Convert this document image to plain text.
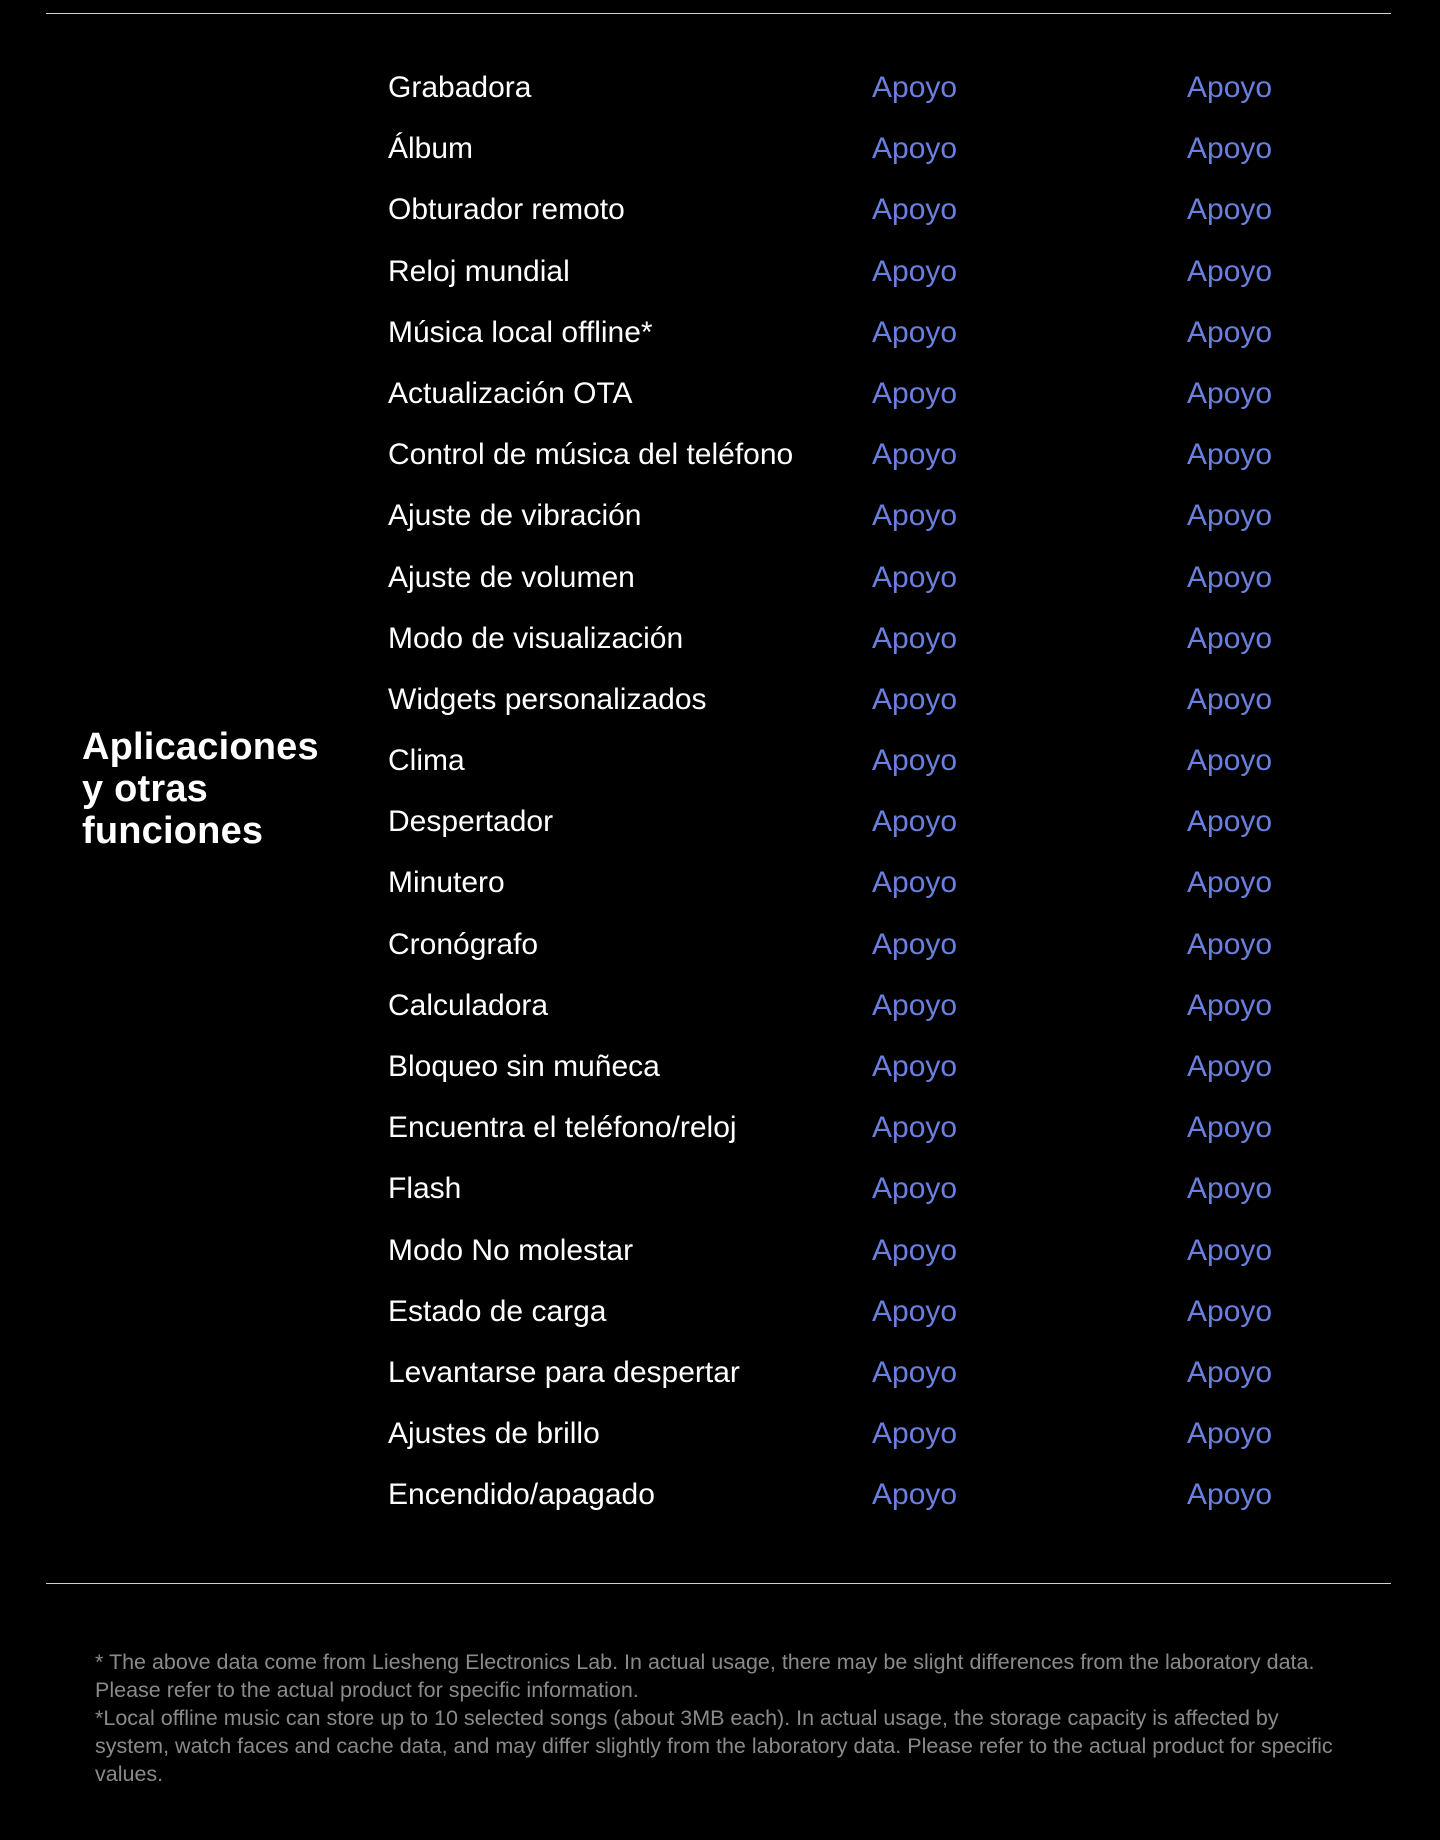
Aplicaciones
y otras
funciones
Grabadora	Apoyo	Apoyo
Álbum	Apoyo	Apoyo
Obturador remoto	Apoyo	Apoyo
Reloj mundial	Apoyo	Apoyo
Música local offline*	Apoyo	Apoyo
Actualización OTA	Apoyo	Apoyo
Control de música del teléfono	Apoyo	Apoyo
Ajuste de vibración	Apoyo	Apoyo
Ajuste de volumen	Apoyo	Apoyo
Modo de visualización	Apoyo	Apoyo
Widgets personalizados	Apoyo	Apoyo
Clima	Apoyo	Apoyo
Despertador	Apoyo	Apoyo
Minutero	Apoyo	Apoyo
Cronógrafo	Apoyo	Apoyo
Calculadora	Apoyo	Apoyo
Bloqueo sin muñeca	Apoyo	Apoyo
Encuentra el teléfono/reloj	Apoyo	Apoyo
Flash	Apoyo	Apoyo
Modo No molestar	Apoyo	Apoyo
Estado de carga	Apoyo	Apoyo
Levantarse para despertar	Apoyo	Apoyo
Ajustes de brillo	Apoyo	Apoyo
Encendido/apagado	Apoyo	Apoyo

* The above data come from Liesheng Electronics Lab. In actual usage, there may be slight differences from the laboratory data. Please refer to the actual product for specific information.

*Local offline music can store up to 10 selected songs (about 3MB each). In actual usage, the storage capacity is affected by system, watch faces and cache data, and may differ slightly from the laboratory data. Please refer to the actual product for specific values.
